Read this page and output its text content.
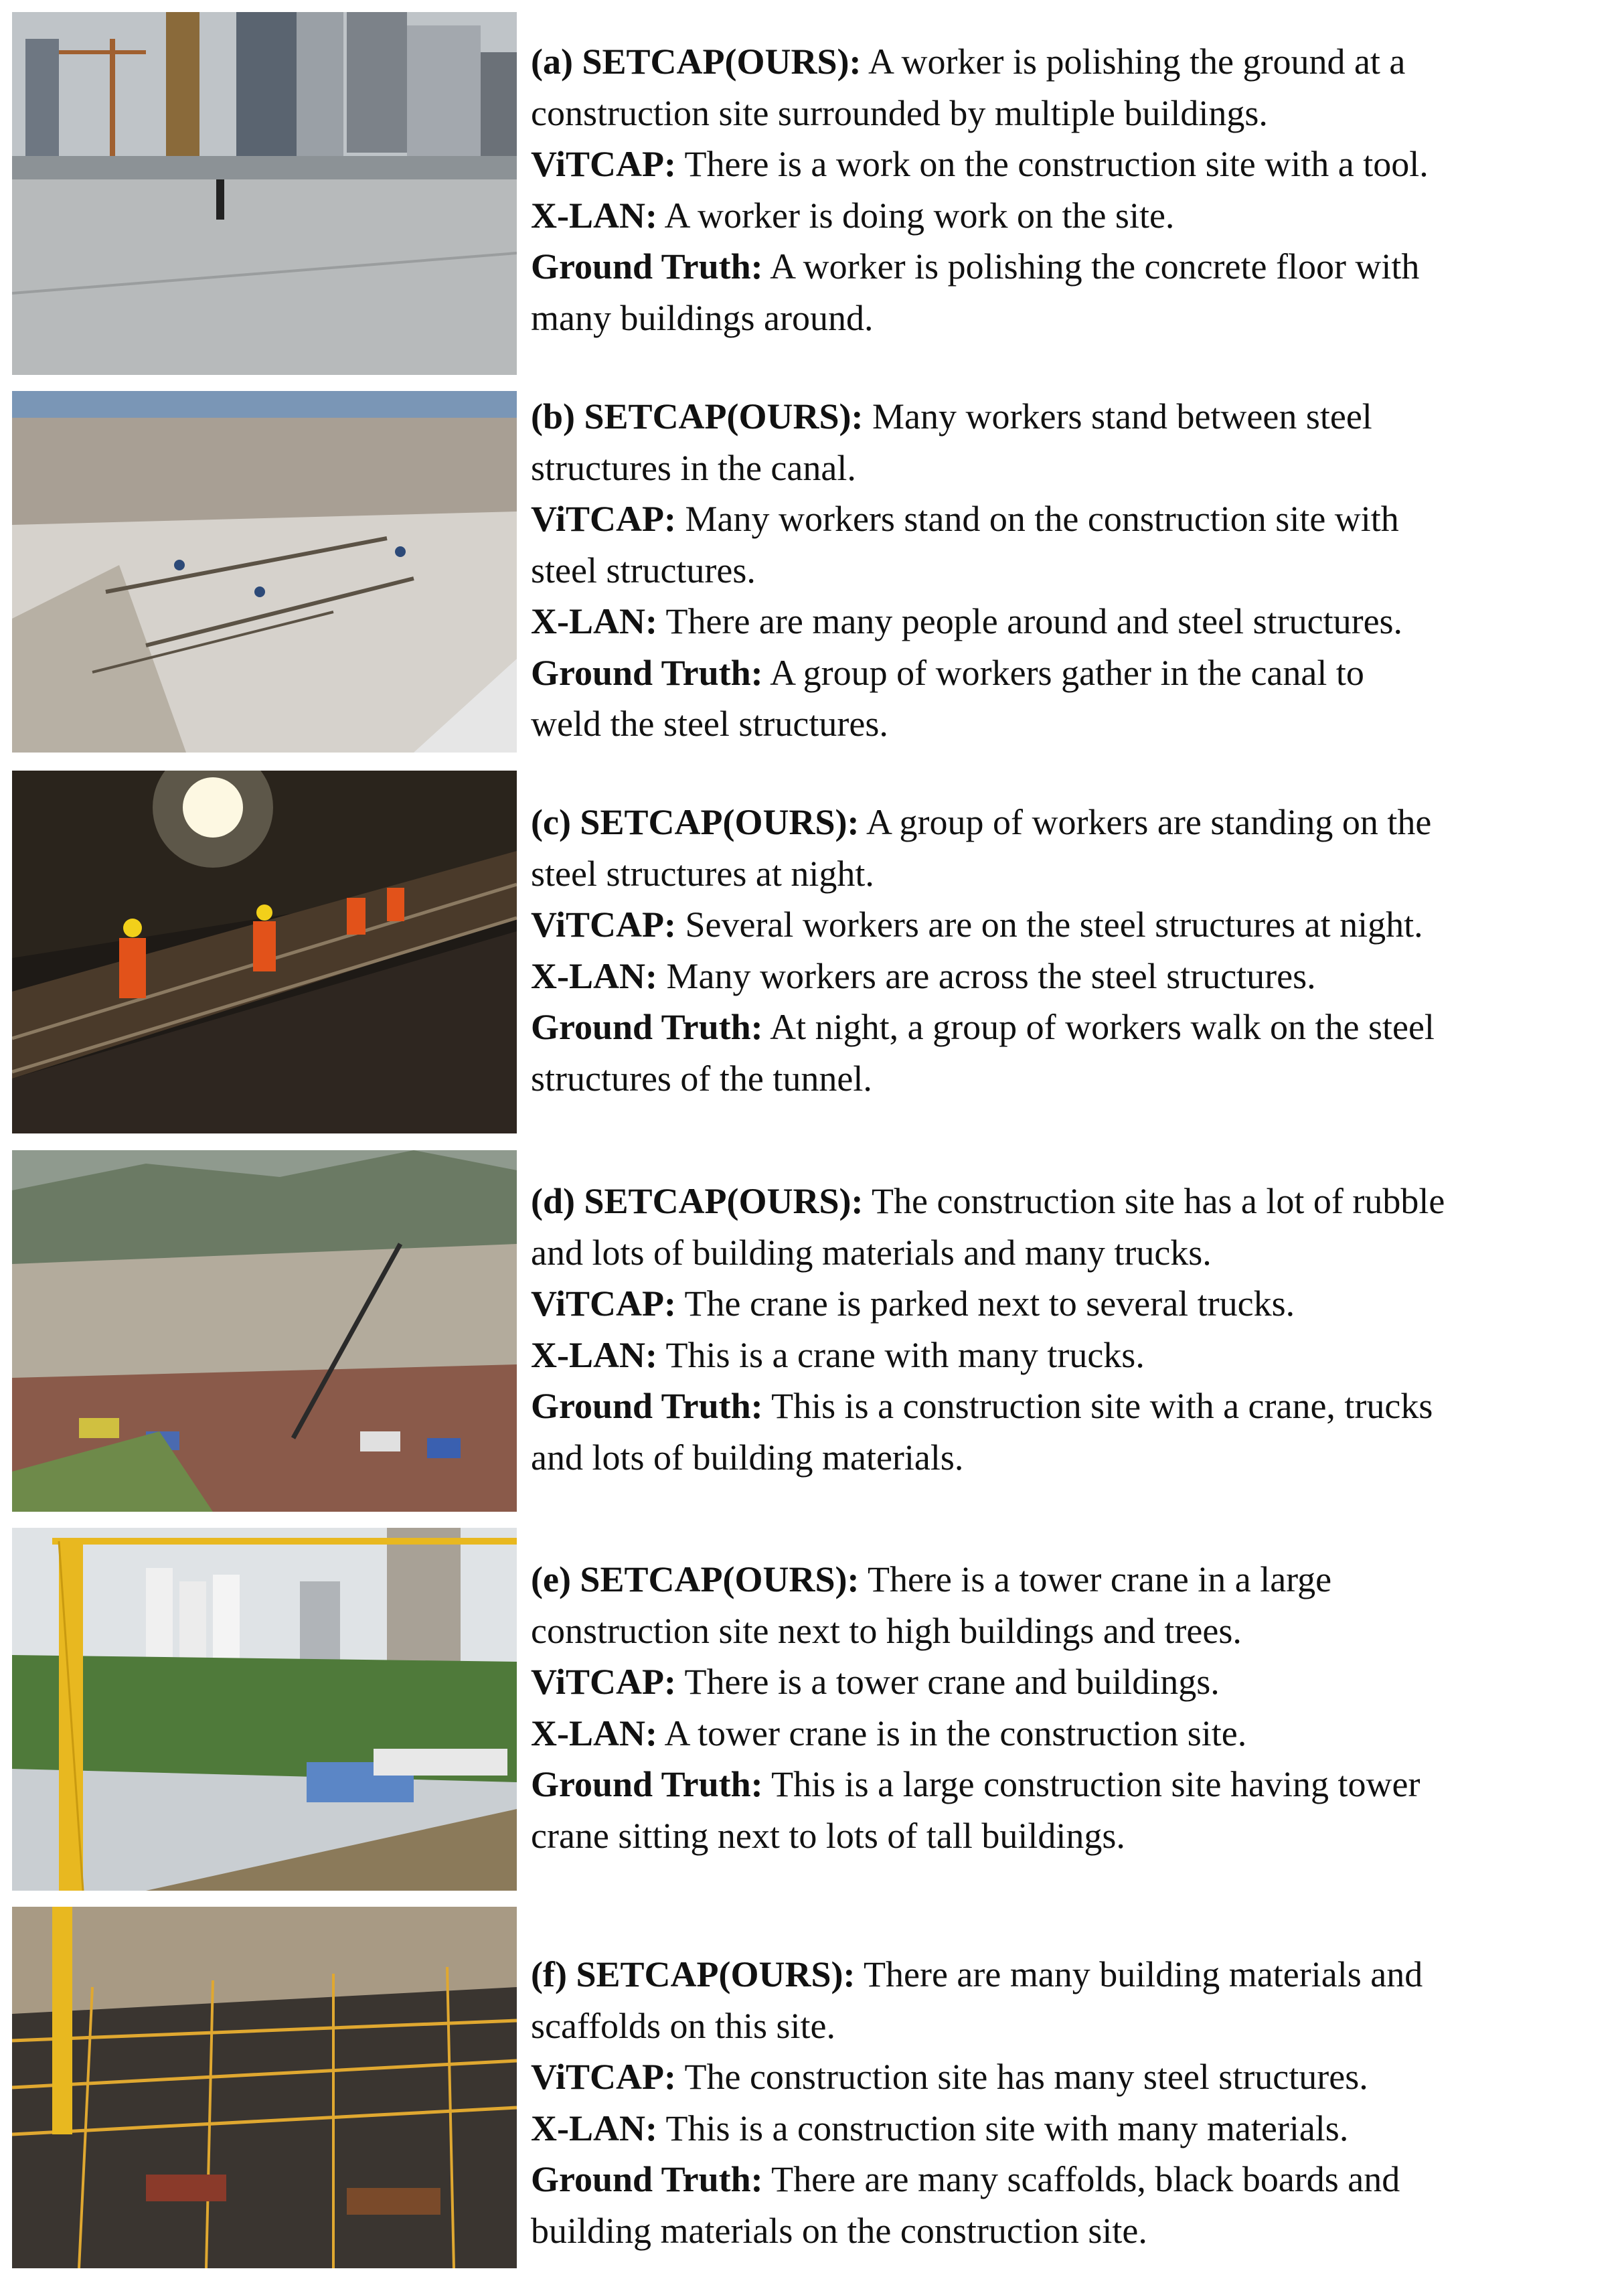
(a) SETCAP(OURS): A worker is polishing the ground at a

construction site surrounded by multiple buildings.

ViTCAP: There is a work on the construction site with a tool.

X-LAN: A worker is doing work on the site.

Ground Truth: A worker is polishing the concrete floor with

many buildings around.

(b) SETCAP(OURS): Many workers stand between steel

structures in the canal.

ViTCAP: Many workers stand on the construction site with

steel structures.

X-LAN: There are many people around and steel structures.

Ground Truth: A group of workers gather in the canal to

weld the steel structures.

(c) SETCAP(OURS): A group of workers are standing on the

steel structures at night.

ViTCAP: Several workers are on the steel structures at night.

X-LAN: Many workers are across the steel structures.

Ground Truth: At night, a group of workers walk on the steel

structures of the tunnel.

(d) SETCAP(OURS): The construction site has a lot of rubble

and lots of building materials and many trucks.

ViTCAP: The crane is parked next to several trucks.

X-LAN: This is a crane with many trucks.

Ground Truth: This is a construction site with a crane, trucks

and lots of building materials.

(e) SETCAP(OURS): There is a tower crane in a large

construction site next to high buildings and trees.

ViTCAP: There is a tower crane and buildings.

X-LAN: A tower crane is in the construction site.

Ground Truth: This is a large construction site having tower

crane sitting next to lots of tall buildings.

(f) SETCAP(OURS): There are many building materials and

scaffolds on this site.

ViTCAP: The construction site has many steel structures.

X-LAN: This is a construction site with many materials.

Ground Truth: There are many scaffolds, black boards and

building materials on the construction site.
